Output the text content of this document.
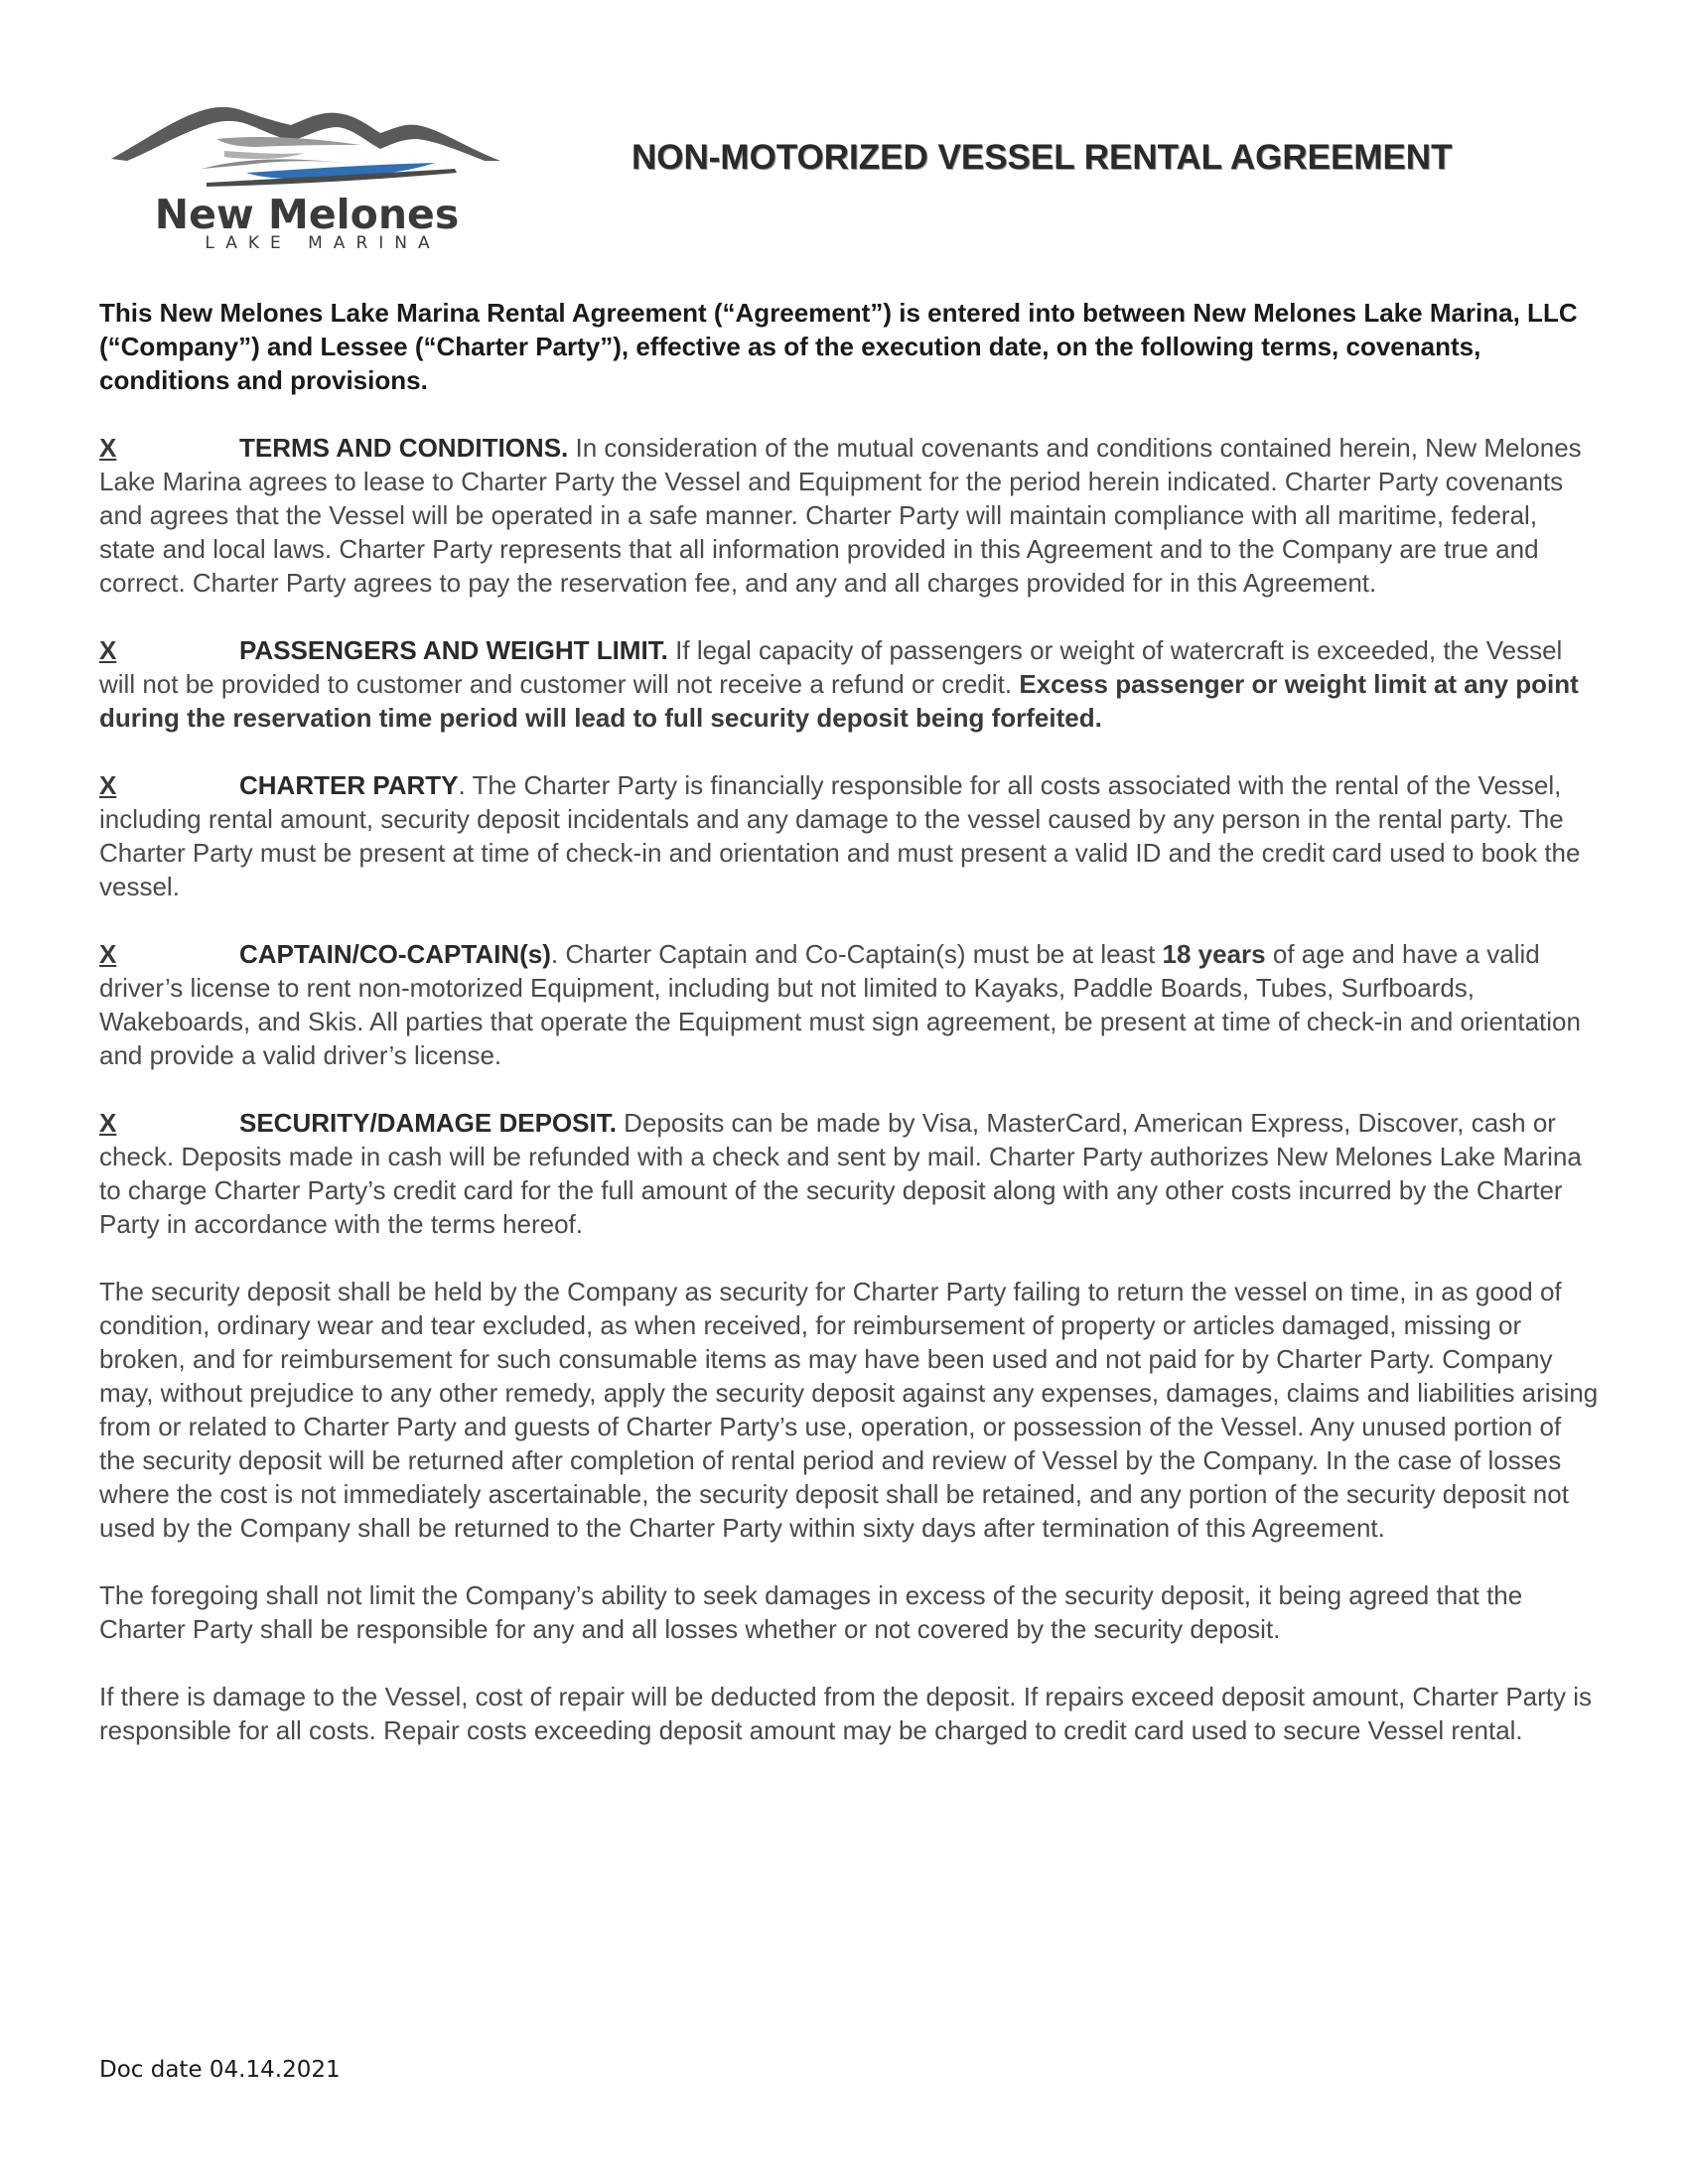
New Melones
LAKE MARINA
NON-MOTORIZED VESSEL RENTAL AGREEMENT

This New Melones Lake Marina Rental Agreement (“Agreement”) is entered into between New Melones Lake Marina, LLC (“Company”) and Lessee (“Charter Party”), effective as of the execution date, on the following terms, covenants, conditions and provisions.

X	TERMS AND CONDITIONS. In consideration of the mutual covenants and conditions contained herein, New Melones Lake Marina agrees to lease to Charter Party the Vessel and Equipment for the period herein indicated. Charter Party covenants and agrees that the Vessel will be operated in a safe manner. Charter Party will maintain compliance with all maritime, federal, state and local laws. Charter Party represents that all information provided in this Agreement and to the Company are true and correct. Charter Party agrees to pay the reservation fee, and any and all charges provided for in this Agreement.

X	PASSENGERS AND WEIGHT LIMIT. If legal capacity of passengers or weight of watercraft is exceeded, the Vessel will not be provided to customer and customer will not receive a refund or credit. Excess passenger or weight limit at any point during the reservation time period will lead to full security deposit being forfeited.

X	CHARTER PARTY. The Charter Party is financially responsible for all costs associated with the rental of the Vessel, including rental amount, security deposit incidentals and any damage to the vessel caused by any person in the rental party. The Charter Party must be present at time of check-in and orientation and must present a valid ID and the credit card used to book the vessel.

X	CAPTAIN/CO-CAPTAIN(s). Charter Captain and Co-Captain(s) must be at least 18 years of age and have a valid driver’s license to rent non-motorized Equipment, including but not limited to Kayaks, Paddle Boards, Tubes, Surfboards, Wakeboards, and Skis. All parties that operate the Equipment must sign agreement, be present at time of check-in and orientation and provide a valid driver’s license.

X	SECURITY/DAMAGE DEPOSIT. Deposits can be made by Visa, MasterCard, American Express, Discover, cash or check. Deposits made in cash will be refunded with a check and sent by mail. Charter Party authorizes New Melones Lake Marina to charge Charter Party’s credit card for the full amount of the security deposit along with any other costs incurred by the Charter Party in accordance with the terms hereof.

The security deposit shall be held by the Company as security for Charter Party failing to return the vessel on time, in as good of condition, ordinary wear and tear excluded, as when received, for reimbursement of property or articles damaged, missing or broken, and for reimbursement for such consumable items as may have been used and not paid for by Charter Party. Company may, without prejudice to any other remedy, apply the security deposit against any expenses, damages, claims and liabilities arising from or related to Charter Party and guests of Charter Party’s use, operation, or possession of the Vessel. Any unused portion of the security deposit will be returned after completion of rental period and review of Vessel by the Company. In the case of losses where the cost is not immediately ascertainable, the security deposit shall be retained, and any portion of the security deposit not used by the Company shall be returned to the Charter Party within sixty days after termination of this Agreement.

The foregoing shall not limit the Company’s ability to seek damages in excess of the security deposit, it being agreed that the Charter Party shall be responsible for any and all losses whether or not covered by the security deposit.

If there is damage to the Vessel, cost of repair will be deducted from the deposit. If repairs exceed deposit amount, Charter Party is responsible for all costs. Repair costs exceeding deposit amount may be charged to credit card used to secure Vessel rental.

Doc date 04.14.2021
